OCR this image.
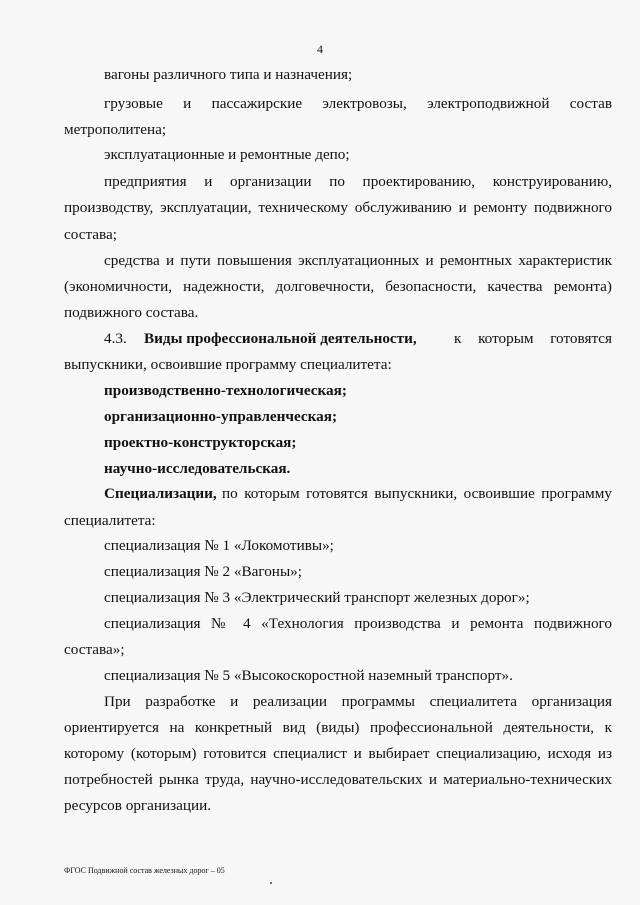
4
вагоны различного типа и назначения;
грузовые и пассажирские электровозы, электроподвижной состав
метрополитена;
эксплуатационные и ремонтные депо;
предприятия и организации по проектированию, конструированию,
производству, эксплуатации, техническому обслуживанию и ремонту подвижного
состава;
средства и пути повышения эксплуатационных и ремонтных характеристик
(экономичности, надежности, долговечности, безопасности, качества ремонта)
подвижного состава.
4.3. Виды профессиональной деятельности, к которым готовятся
выпускники, освоившие программу специалитета:
производственно-технологическая;
организационно-управленческая;
проектно-конструкторская;
научно-исследовательская.
Специализации, по которым готовятся выпускники, освоившие программу
специалитета:
специализация № 1 «Локомотивы»;
специализация № 2 «Вагоны»;
специализация № 3 «Электрический транспорт железных дорог»;
специализация № 4 «Технология производства и ремонта подвижного
состава»;
специализация № 5 «Высокоскоростной наземный транспорт».
При разработке и реализации программы специалитета организация
ориентируется на конкретный вид (виды) профессиональной деятельности, к
которому (которым) готовится специалист и выбирает специализацию, исходя из
потребностей рынка труда, научно-исследовательских и материально-технических
ресурсов организации.
ФГОС Подвижной состав железных дорог – 05
